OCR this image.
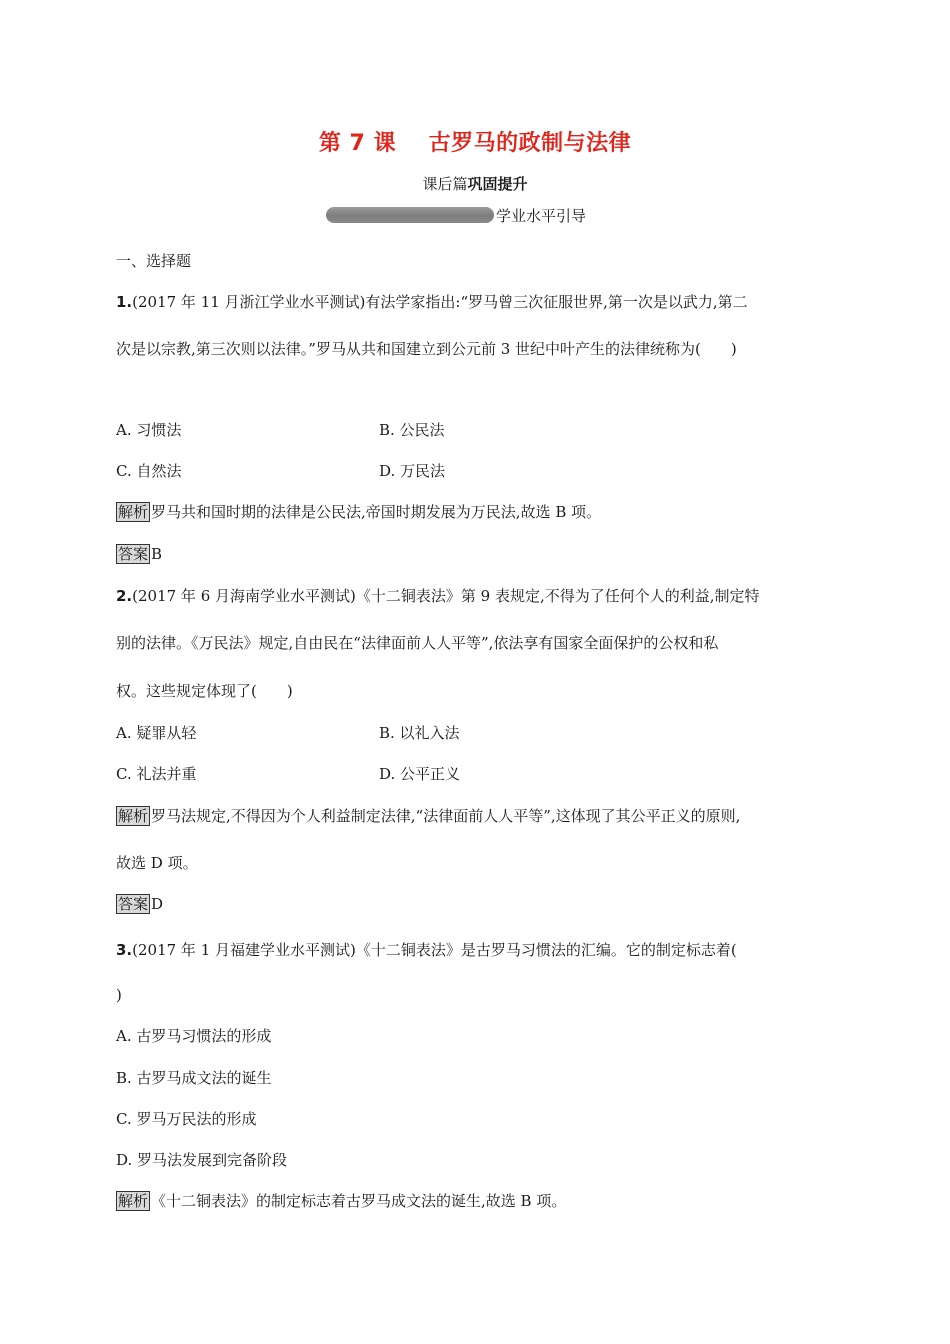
第 7 课    古罗马的政制与法律
课后篇巩固提升
学业水平引导
一、选择题
1.(2017 年 11 月浙江学业水平测试)有法学家指出:“罗马曾三次征服世界,第一次是以武力,第二
次是以宗教,第三次则以法律。”罗马从共和国建立到公元前 3 世纪中叶产生的法律统称为(　　)
A. 习惯法	B. 公民法
C. 自然法	D. 万民法
解析 罗马共和国时期的法律是公民法,帝国时期发展为万民法,故选 B 项。
答案 B
2.(2017 年 6 月海南学业水平测试)《十二铜表法》第 9 表规定,不得为了任何个人的利益,制定特
别的法律。《万民法》规定,自由民在“法律面前人人平等”,依法享有国家全面保护的公权和私
权。这些规定体现了(　　)
A. 疑罪从轻	B. 以礼入法
C. 礼法并重	D. 公平正义
解析 罗马法规定,不得因为个人利益制定法律,“法律面前人人平等”,这体现了其公平正义的原则,
故选 D 项。
答案 D
3.(2017 年 1 月福建学业水平测试)《十二铜表法》是古罗马习惯法的汇编。它的制定标志着(
)
A. 古罗马习惯法的形成
B. 古罗马成文法的诞生
C. 罗马万民法的形成
D. 罗马法发展到完备阶段
解析 《十二铜表法》的制定标志着古罗马成文法的诞生,故选 B 项。
